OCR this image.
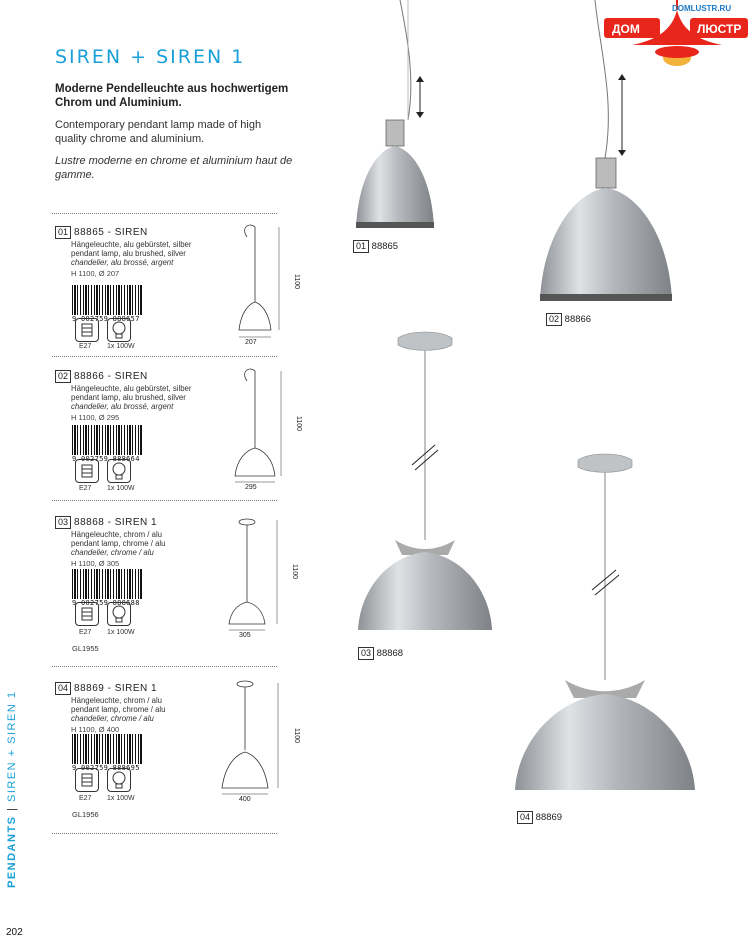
DOMLUSTR.RU
ДОМ	ЛЮСТР
SIREN + SIREN 1
Moderne Pendelleuchte aus hochwertigem Chrom und Aluminium.
Contemporary pendant lamp made of high quality chrome and aluminium.
Lustre moderne en chrome et aluminium haut de gamme.
01 88865 - SIREN
Hängeleuchte, alu gebürstet, silber
pendant lamp, alu brushed, silver
chandelier, alu brossé, argent
H 1100, Ø 207
9 002759 888657
E27 1x 100W
1100
207
02 88866 - SIREN
Hängeleuchte, alu gebürstet, silber
pendant lamp, alu brushed, silver
chandelier, alu brossé, argent
H 1100, Ø 295
9 002759 888664
E27 1x 100W
1100
295
03 88868 - SIREN 1
Hängeleuchte, chrom / alu
pendant lamp, chrome / alu
chandelier, chrome / alu
H 1100, Ø 305
9 002759 888688
E27 1x 100W
GL1955
1100
305
04 88869 - SIREN 1
Hängeleuchte, chrom / alu
pendant lamp, chrome / alu
chandelier, chrome / alu
H 1100, Ø 400
9 002759 888695
E27 1x 100W
GL1956
1100
400
01 88865
02 88866
03 88868
04 88869
PENDANTS | SIREN + SIREN 1
202
